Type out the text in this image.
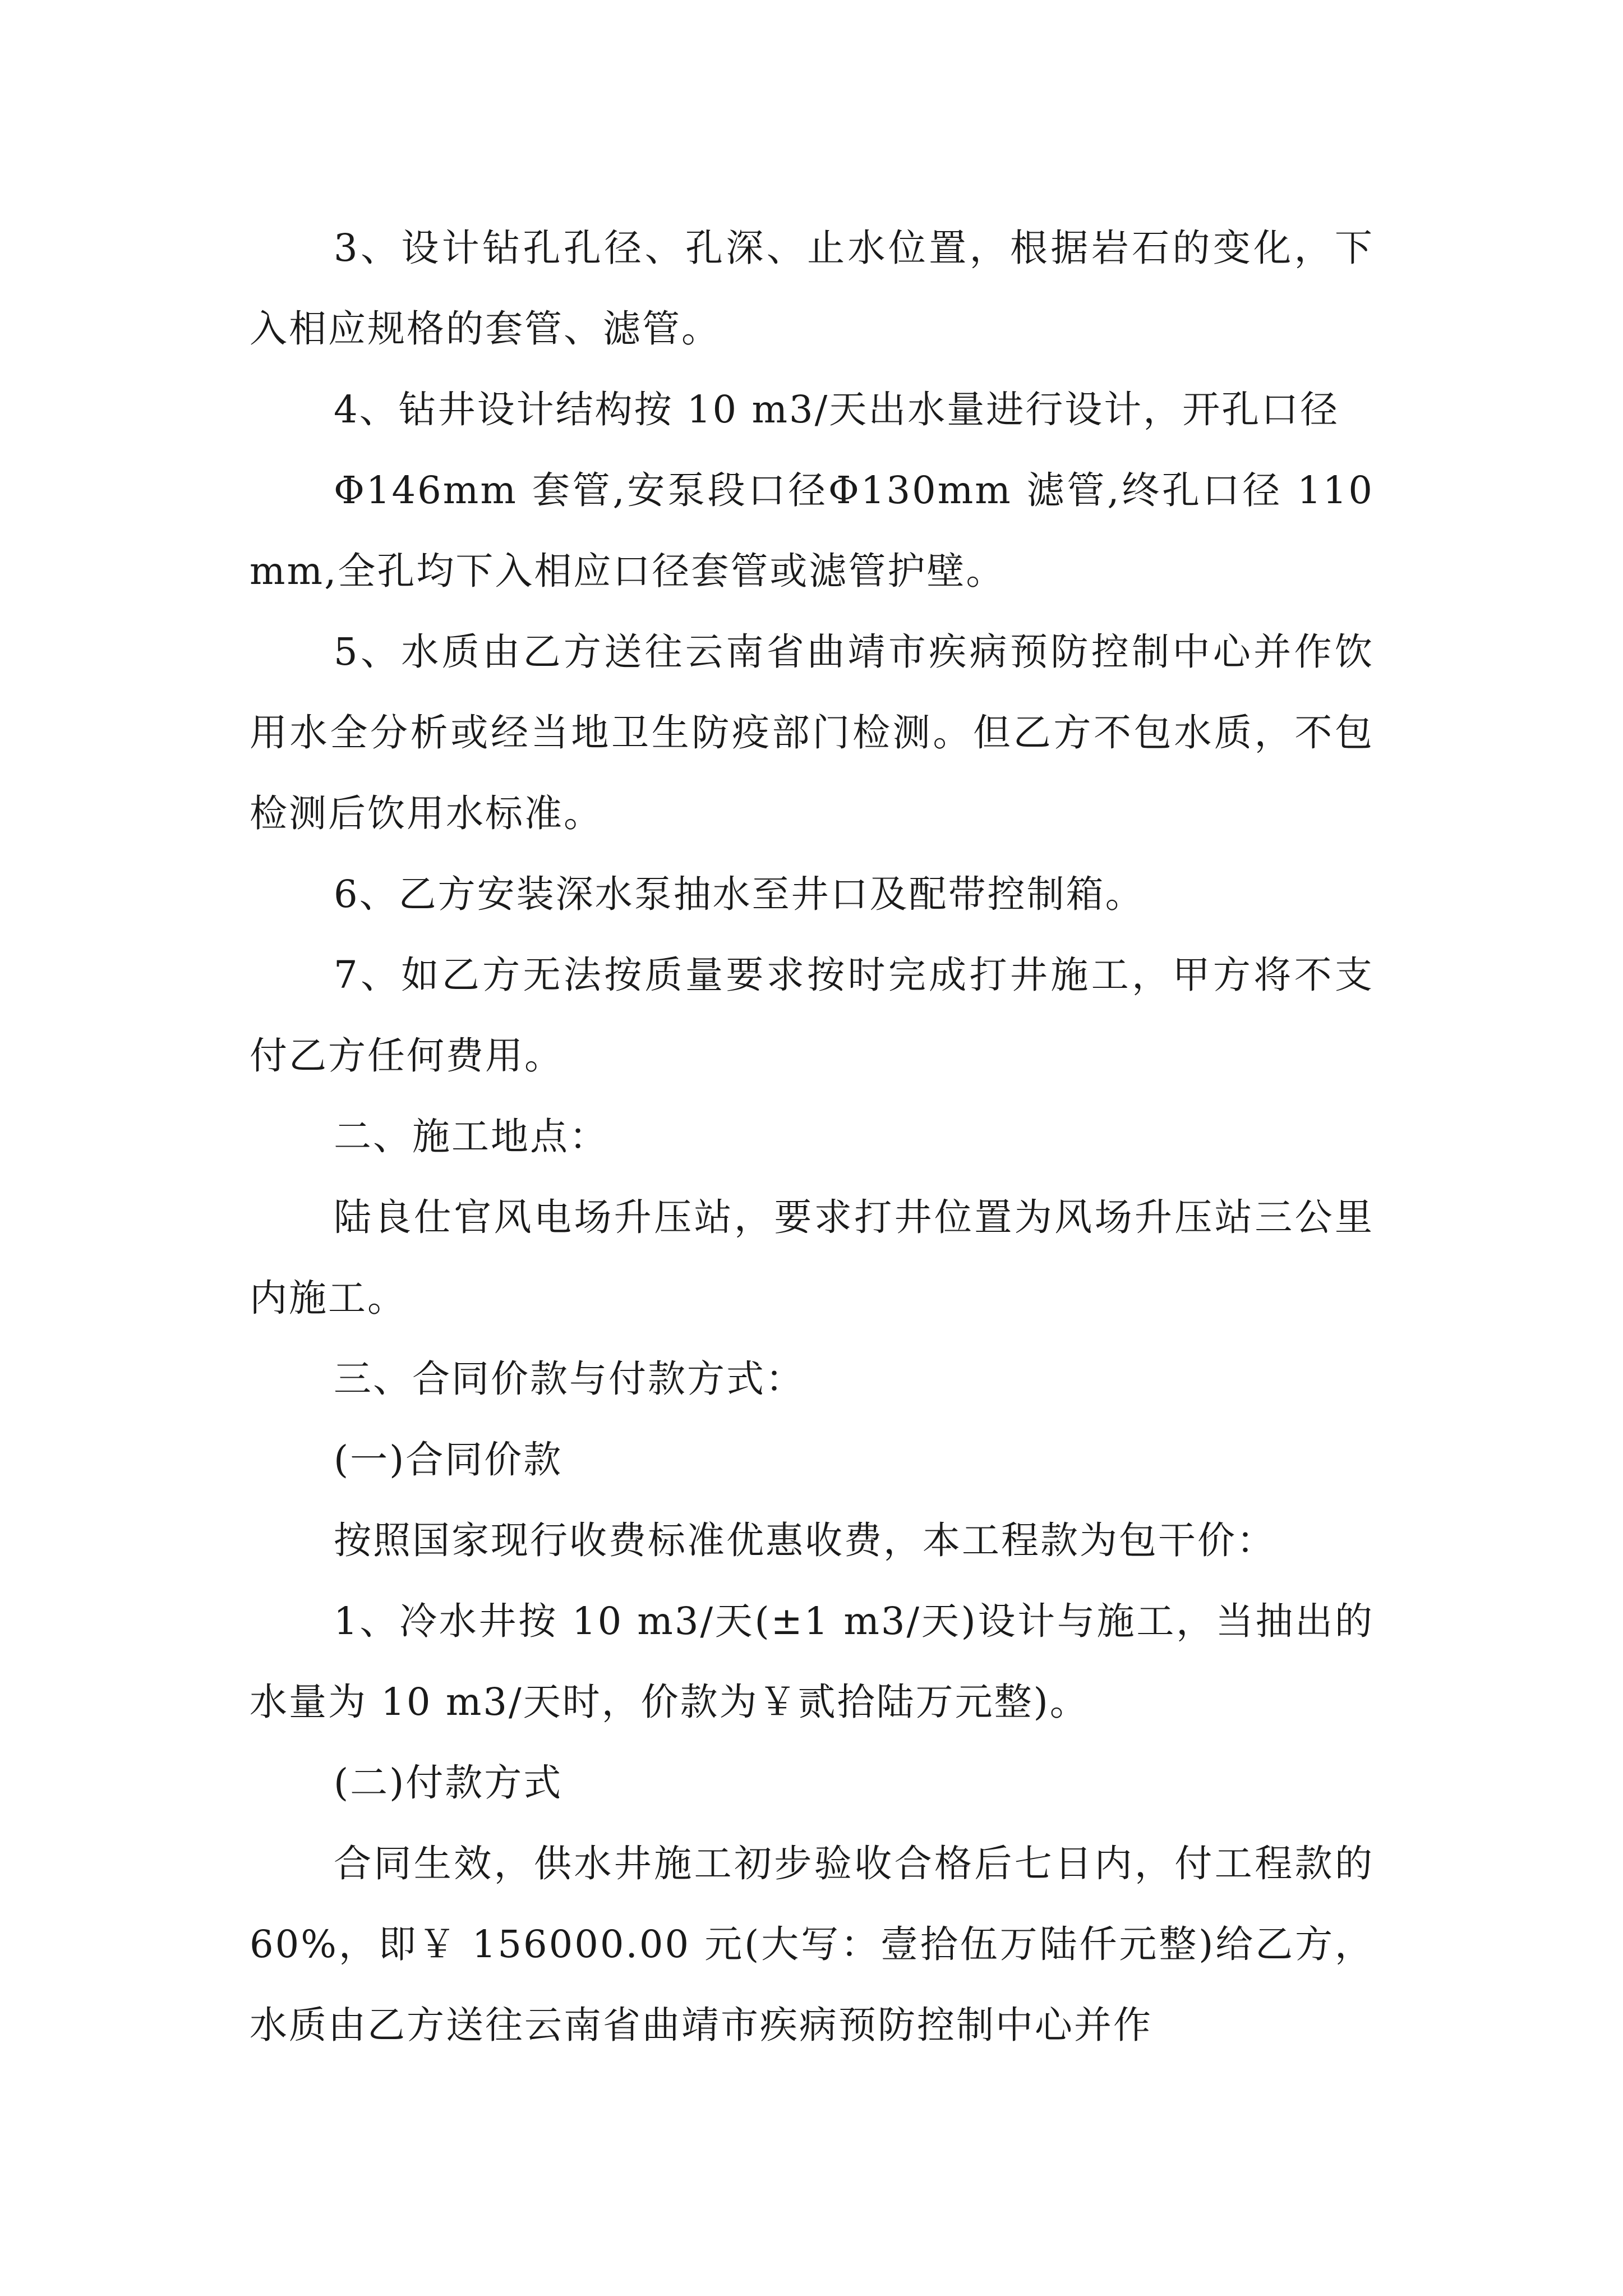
3、设计钻孔孔径、孔深、止水位置，根据岩石的变化，下入相应规格的套管、滤管。

4、钻井设计结构按 10 m3/天出水量进行设计，开孔口径

Φ146mm 套管,安泵段口径Φ130mm 滤管,终孔口径 110mm,全孔均下入相应口径套管或滤管护壁。

5、水质由乙方送往云南省曲靖市疾病预防控制中心并作饮用水全分析或经当地卫生防疫部门检测。但乙方不包水质，不包检测后饮用水标准。

6、乙方安装深水泵抽水至井口及配带控制箱。

7、如乙方无法按质量要求按时完成打井施工，甲方将不支付乙方任何费用。

二、施工地点：

陆良仕官风电场升压站，要求打井位置为风场升压站三公里内施工。

三、合同价款与付款方式：

(一)合同价款

按照国家现行收费标准优惠收费，本工程款为包干价：

1、冷水井按 10 m3/天(±1 m3/天)设计与施工，当抽出的水量为 10 m3/天时，价款为￥贰拾陆万元整)。

(二)付款方式

合同生效，供水井施工初步验收合格后七日内，付工程款的 60%，即￥ 156000.00 元(大写：壹拾伍万陆仟元整)给乙方，水质由乙方送往云南省曲靖市疾病预防控制中心并作
